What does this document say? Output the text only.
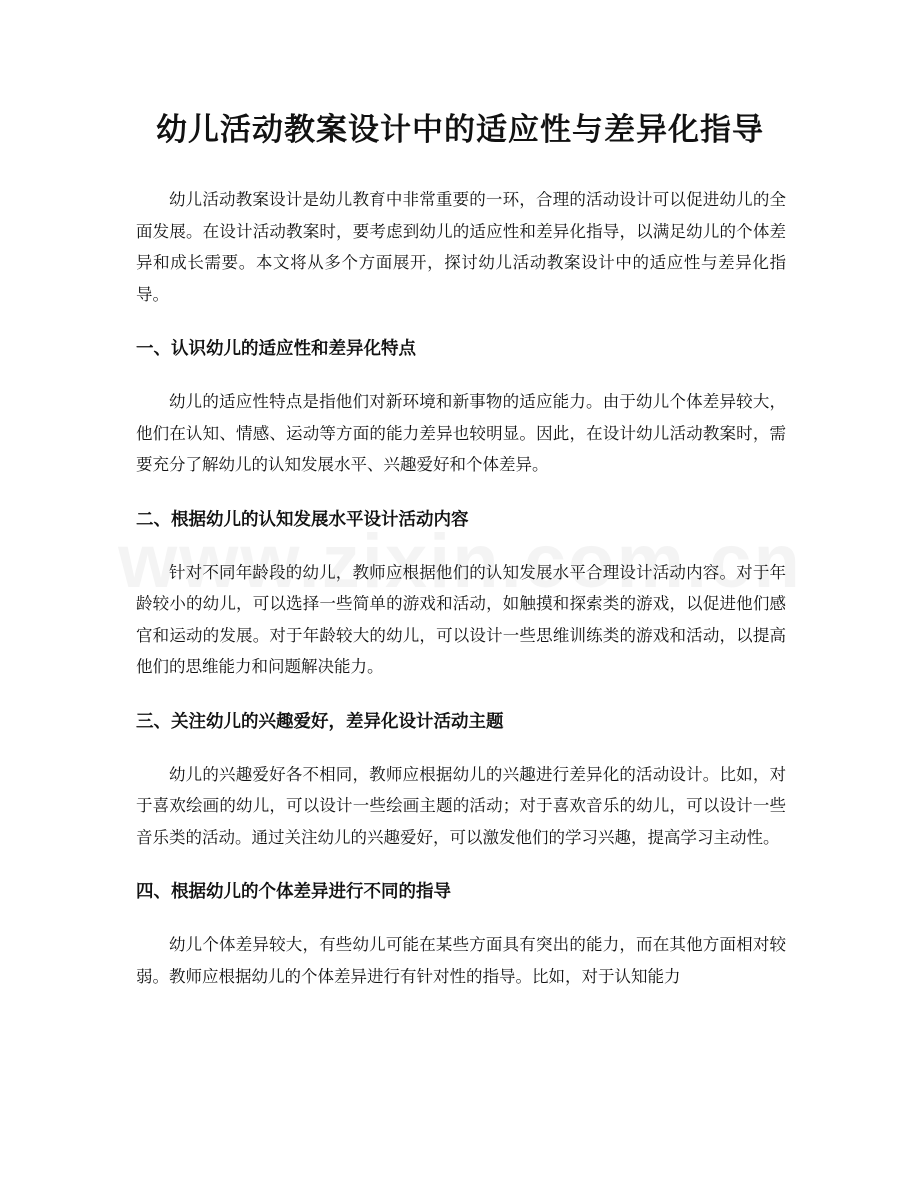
幼儿活动教案设计中的适应性与差异化指导

幼儿活动教案设计是幼儿教育中非常重要的一环，合理的活动设计可以促进幼儿的全面发展。在设计活动教案时，要考虑到幼儿的适应性和差异化指导，以满足幼儿的个体差异和成长需要。本文将从多个方面展开，探讨幼儿活动教案设计中的适应性与差异化指导。

一、认识幼儿的适应性和差异化特点

幼儿的适应性特点是指他们对新环境和新事物的适应能力。由于幼儿个体差异较大，他们在认知、情感、运动等方面的能力差异也较明显。因此，在设计幼儿活动教案时，需要充分了解幼儿的认知发展水平、兴趣爱好和个体差异。

二、根据幼儿的认知发展水平设计活动内容

针对不同年龄段的幼儿，教师应根据他们的认知发展水平合理设计活动内容。对于年龄较小的幼儿，可以选择一些简单的游戏和活动，如触摸和探索类的游戏，以促进他们感官和运动的发展。对于年龄较大的幼儿，可以设计一些思维训练类的游戏和活动，以提高他们的思维能力和问题解决能力。

三、关注幼儿的兴趣爱好，差异化设计活动主题

幼儿的兴趣爱好各不相同，教师应根据幼儿的兴趣进行差异化的活动设计。比如，对于喜欢绘画的幼儿，可以设计一些绘画主题的活动；对于喜欢音乐的幼儿，可以设计一些音乐类的活动。通过关注幼儿的兴趣爱好，可以激发他们的学习兴趣，提高学习主动性。

四、根据幼儿的个体差异进行不同的指导

幼儿个体差异较大，有些幼儿可能在某些方面具有突出的能力，而在其他方面相对较弱。教师应根据幼儿的个体差异进行有针对性的指导。比如，对于认知能力
